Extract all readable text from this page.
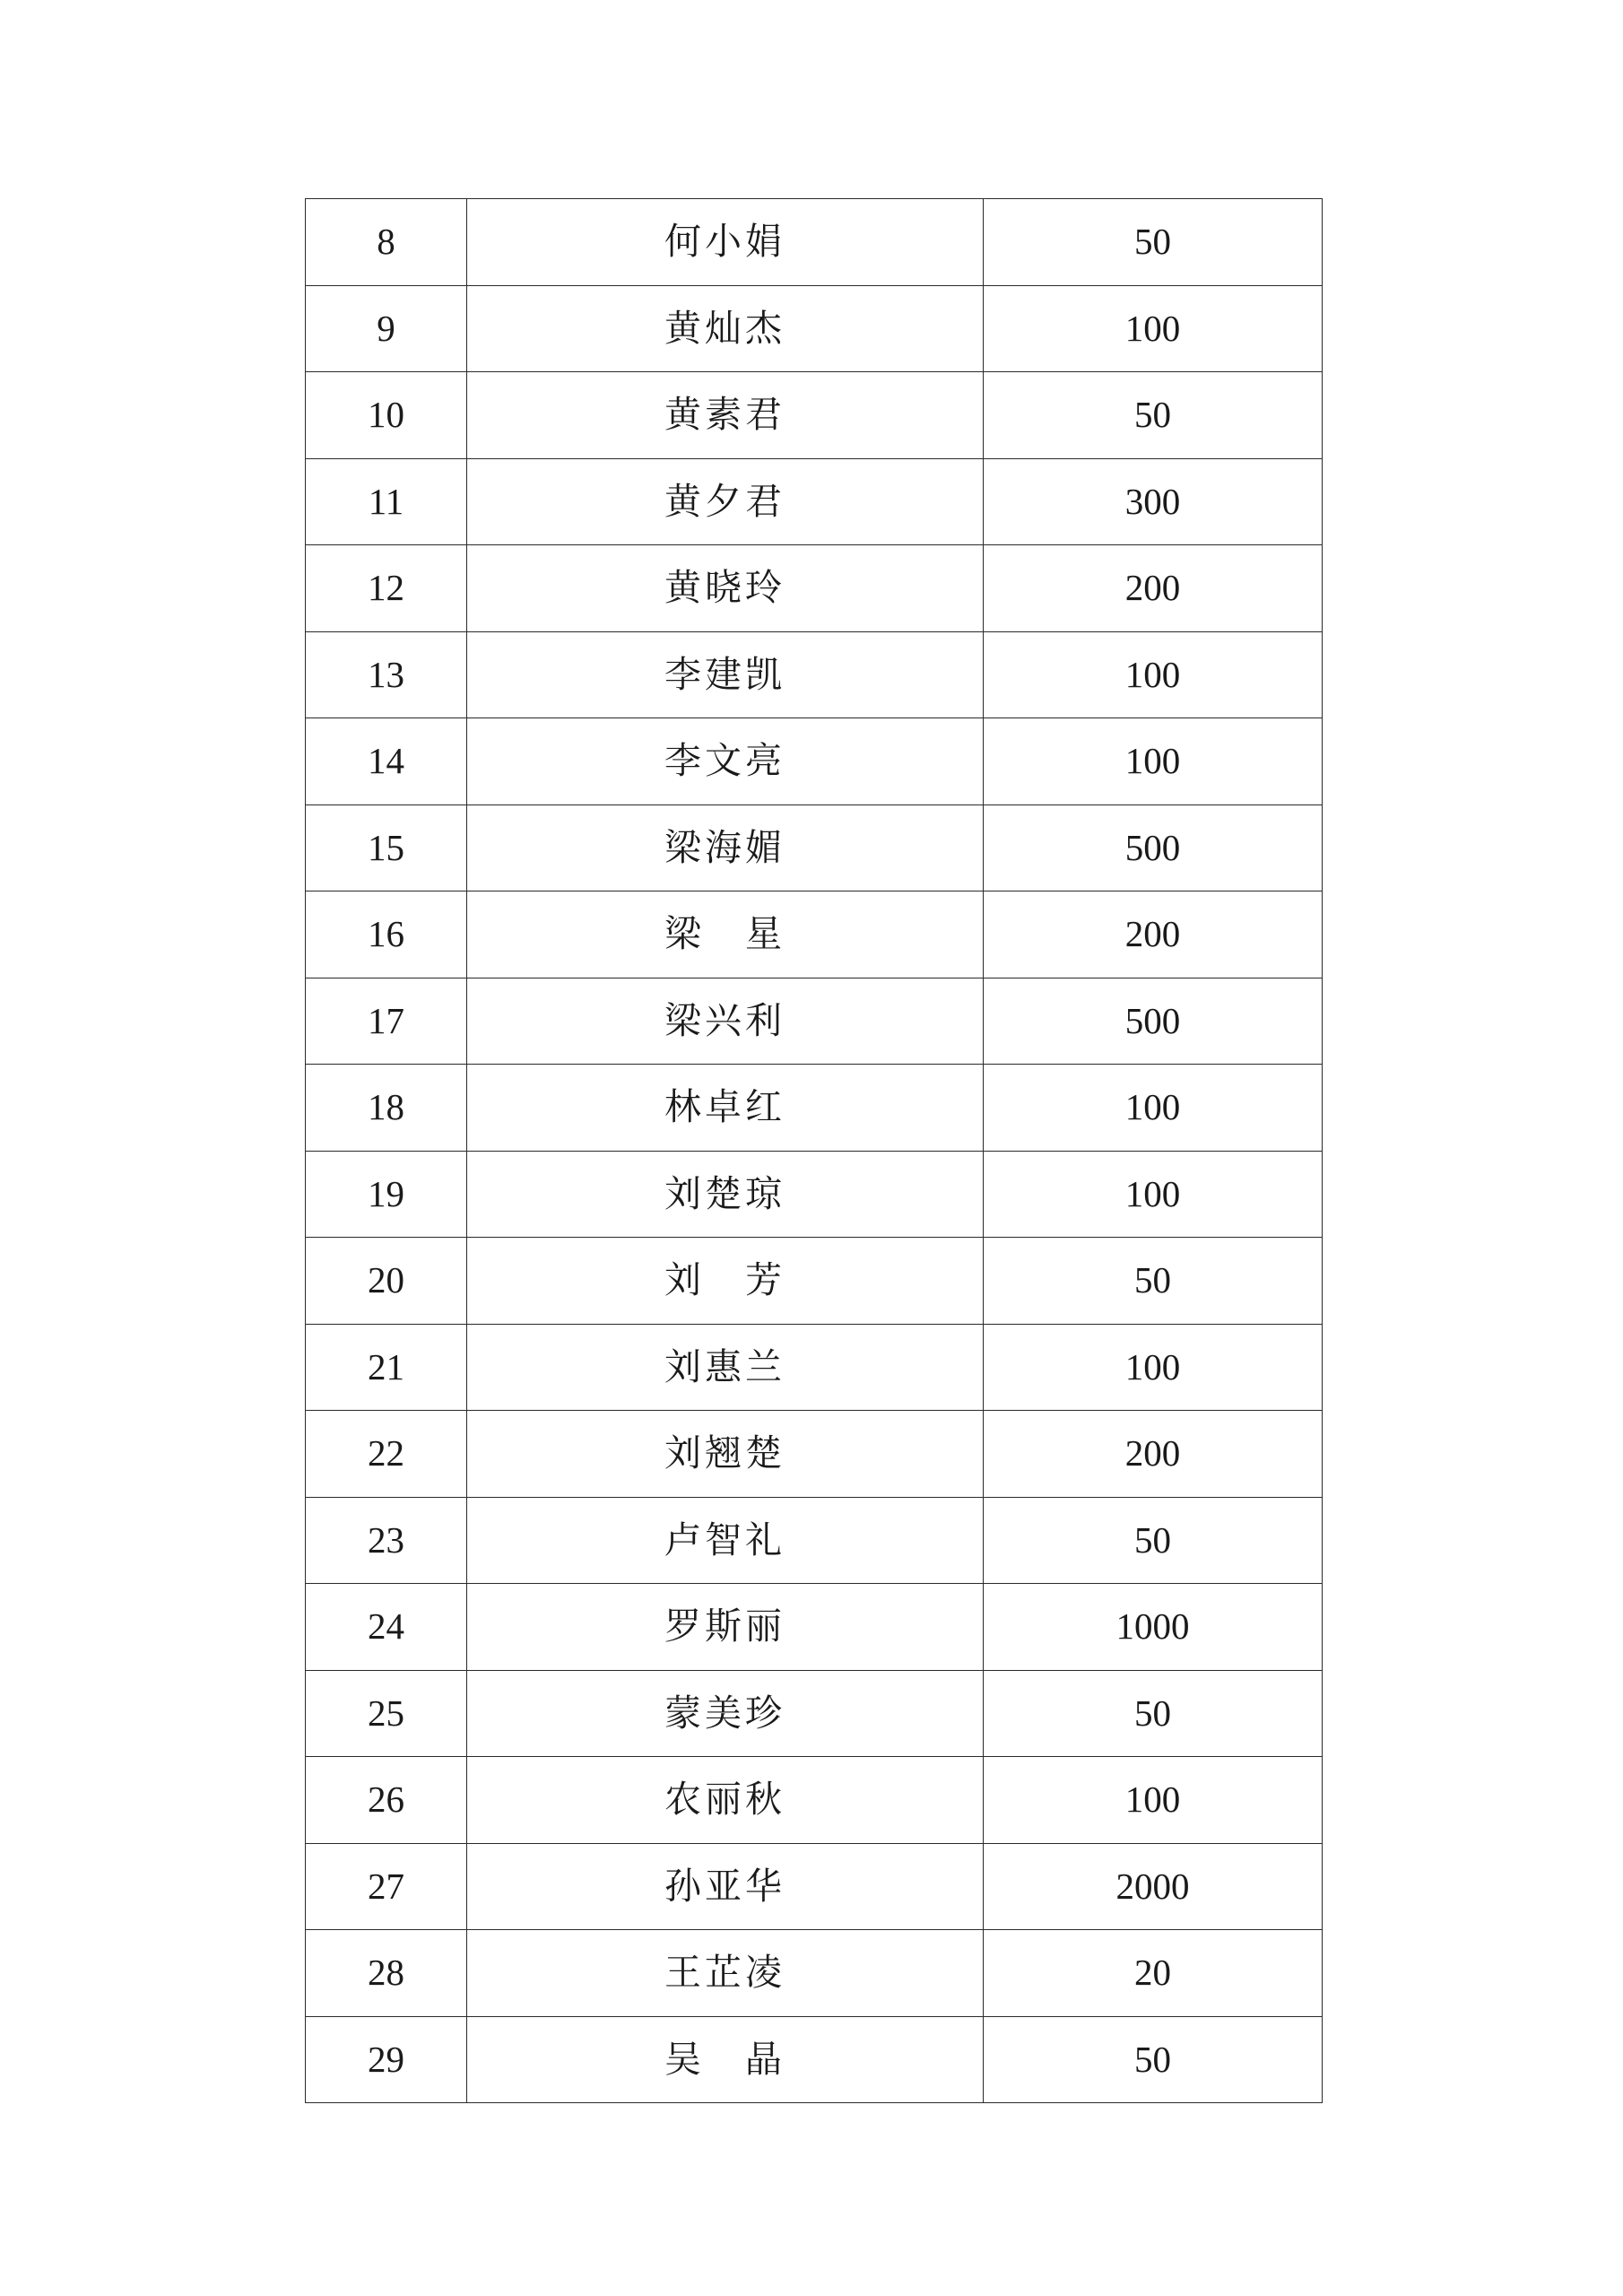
8	何小娟	50
9	黄灿杰	100
10	黄素君	50
11	黄夕君	300
12	黄晓玲	200
13	李建凯	100
14	李文亮	100
15	梁海媚	500
16	梁　星	200
17	梁兴利	500
18	林卓红	100
19	刘楚琼	100
20	刘　芳	50
21	刘惠兰	100
22	刘翘楚	200
23	卢智礼	50
24	罗斯丽	1000
25	蒙美珍	50
26	农丽秋	100
27	孙亚华	2000
28	王芷凌	20
29	吴　晶	50
